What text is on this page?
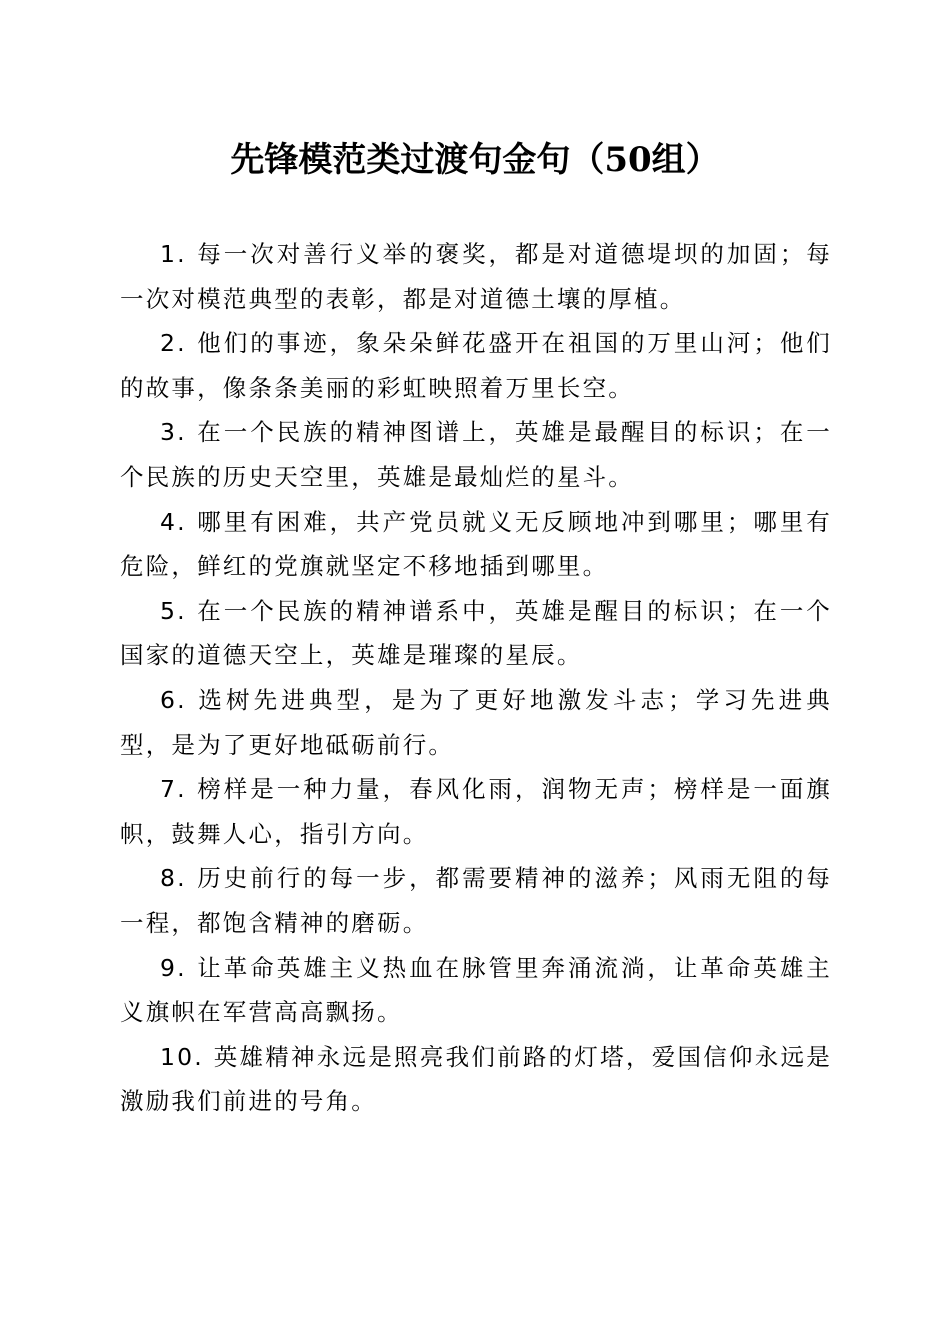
先锋模范类过渡句金句（50组）

1. 每一次对善行义举的褒奖，都是对道德堤坝的加固；每一次对模范典型的表彰，都是对道德土壤的厚植。

2. 他们的事迹，象朵朵鲜花盛开在祖国的万里山河；他们的故事，像条条美丽的彩虹映照着万里长空。

3. 在一个民族的精神图谱上，英雄是最醒目的标识；在一个民族的历史天空里，英雄是最灿烂的星斗。

4. 哪里有困难，共产党员就义无反顾地冲到哪里；哪里有危险，鲜红的党旗就坚定不移地插到哪里。

5. 在一个民族的精神谱系中，英雄是醒目的标识；在一个国家的道德天空上，英雄是璀璨的星辰。

6. 选树先进典型，是为了更好地激发斗志；学习先进典型，是为了更好地砥砺前行。

7. 榜样是一种力量，春风化雨，润物无声；榜样是一面旗帜，鼓舞人心，指引方向。

8. 历史前行的每一步，都需要精神的滋养；风雨无阻的每一程，都饱含精神的磨砺。

9. 让革命英雄主义热血在脉管里奔涌流淌，让革命英雄主义旗帜在军营高高飘扬。

10. 英雄精神永远是照亮我们前路的灯塔，爱国信仰永远是激励我们前进的号角。
